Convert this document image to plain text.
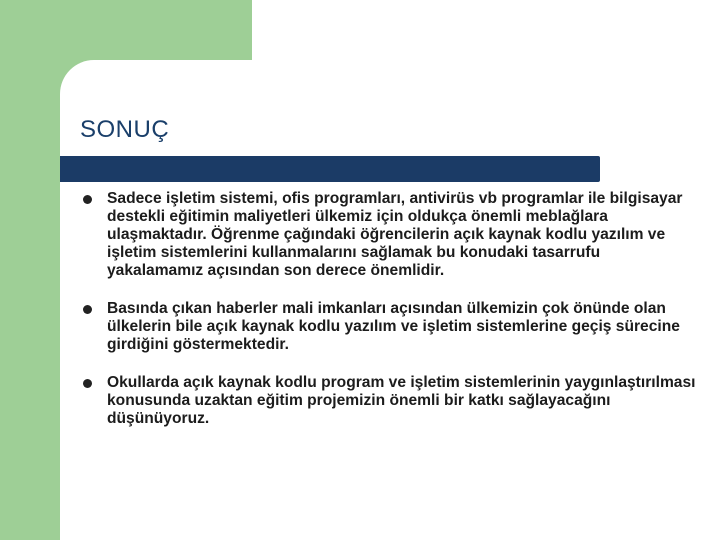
SONUÇ
Sadece işletim sistemi, ofis programları, antivirüs vb programlar ile bilgisayar destekli eğitimin maliyetleri ülkemiz için oldukça önemli meblağlara ulaşmaktadır. Öğrenme çağındaki öğrencilerin açık kaynak kodlu yazılım ve işletim sistemlerini kullanmalarını sağlamak bu konudaki tasarrufu yakalamamız açısından son derece önemlidir.
Basında çıkan haberler mali imkanları açısından ülkemizin çok önünde olan ülkelerin bile açık kaynak kodlu yazılım ve işletim sistemlerine geçiş sürecine girdiğini göstermektedir.
Okullarda açık kaynak kodlu program ve işletim sistemlerinin yaygınlaştırılması konusunda uzaktan eğitim projemizin önemli bir katkı sağlayacağını düşünüyoruz.
